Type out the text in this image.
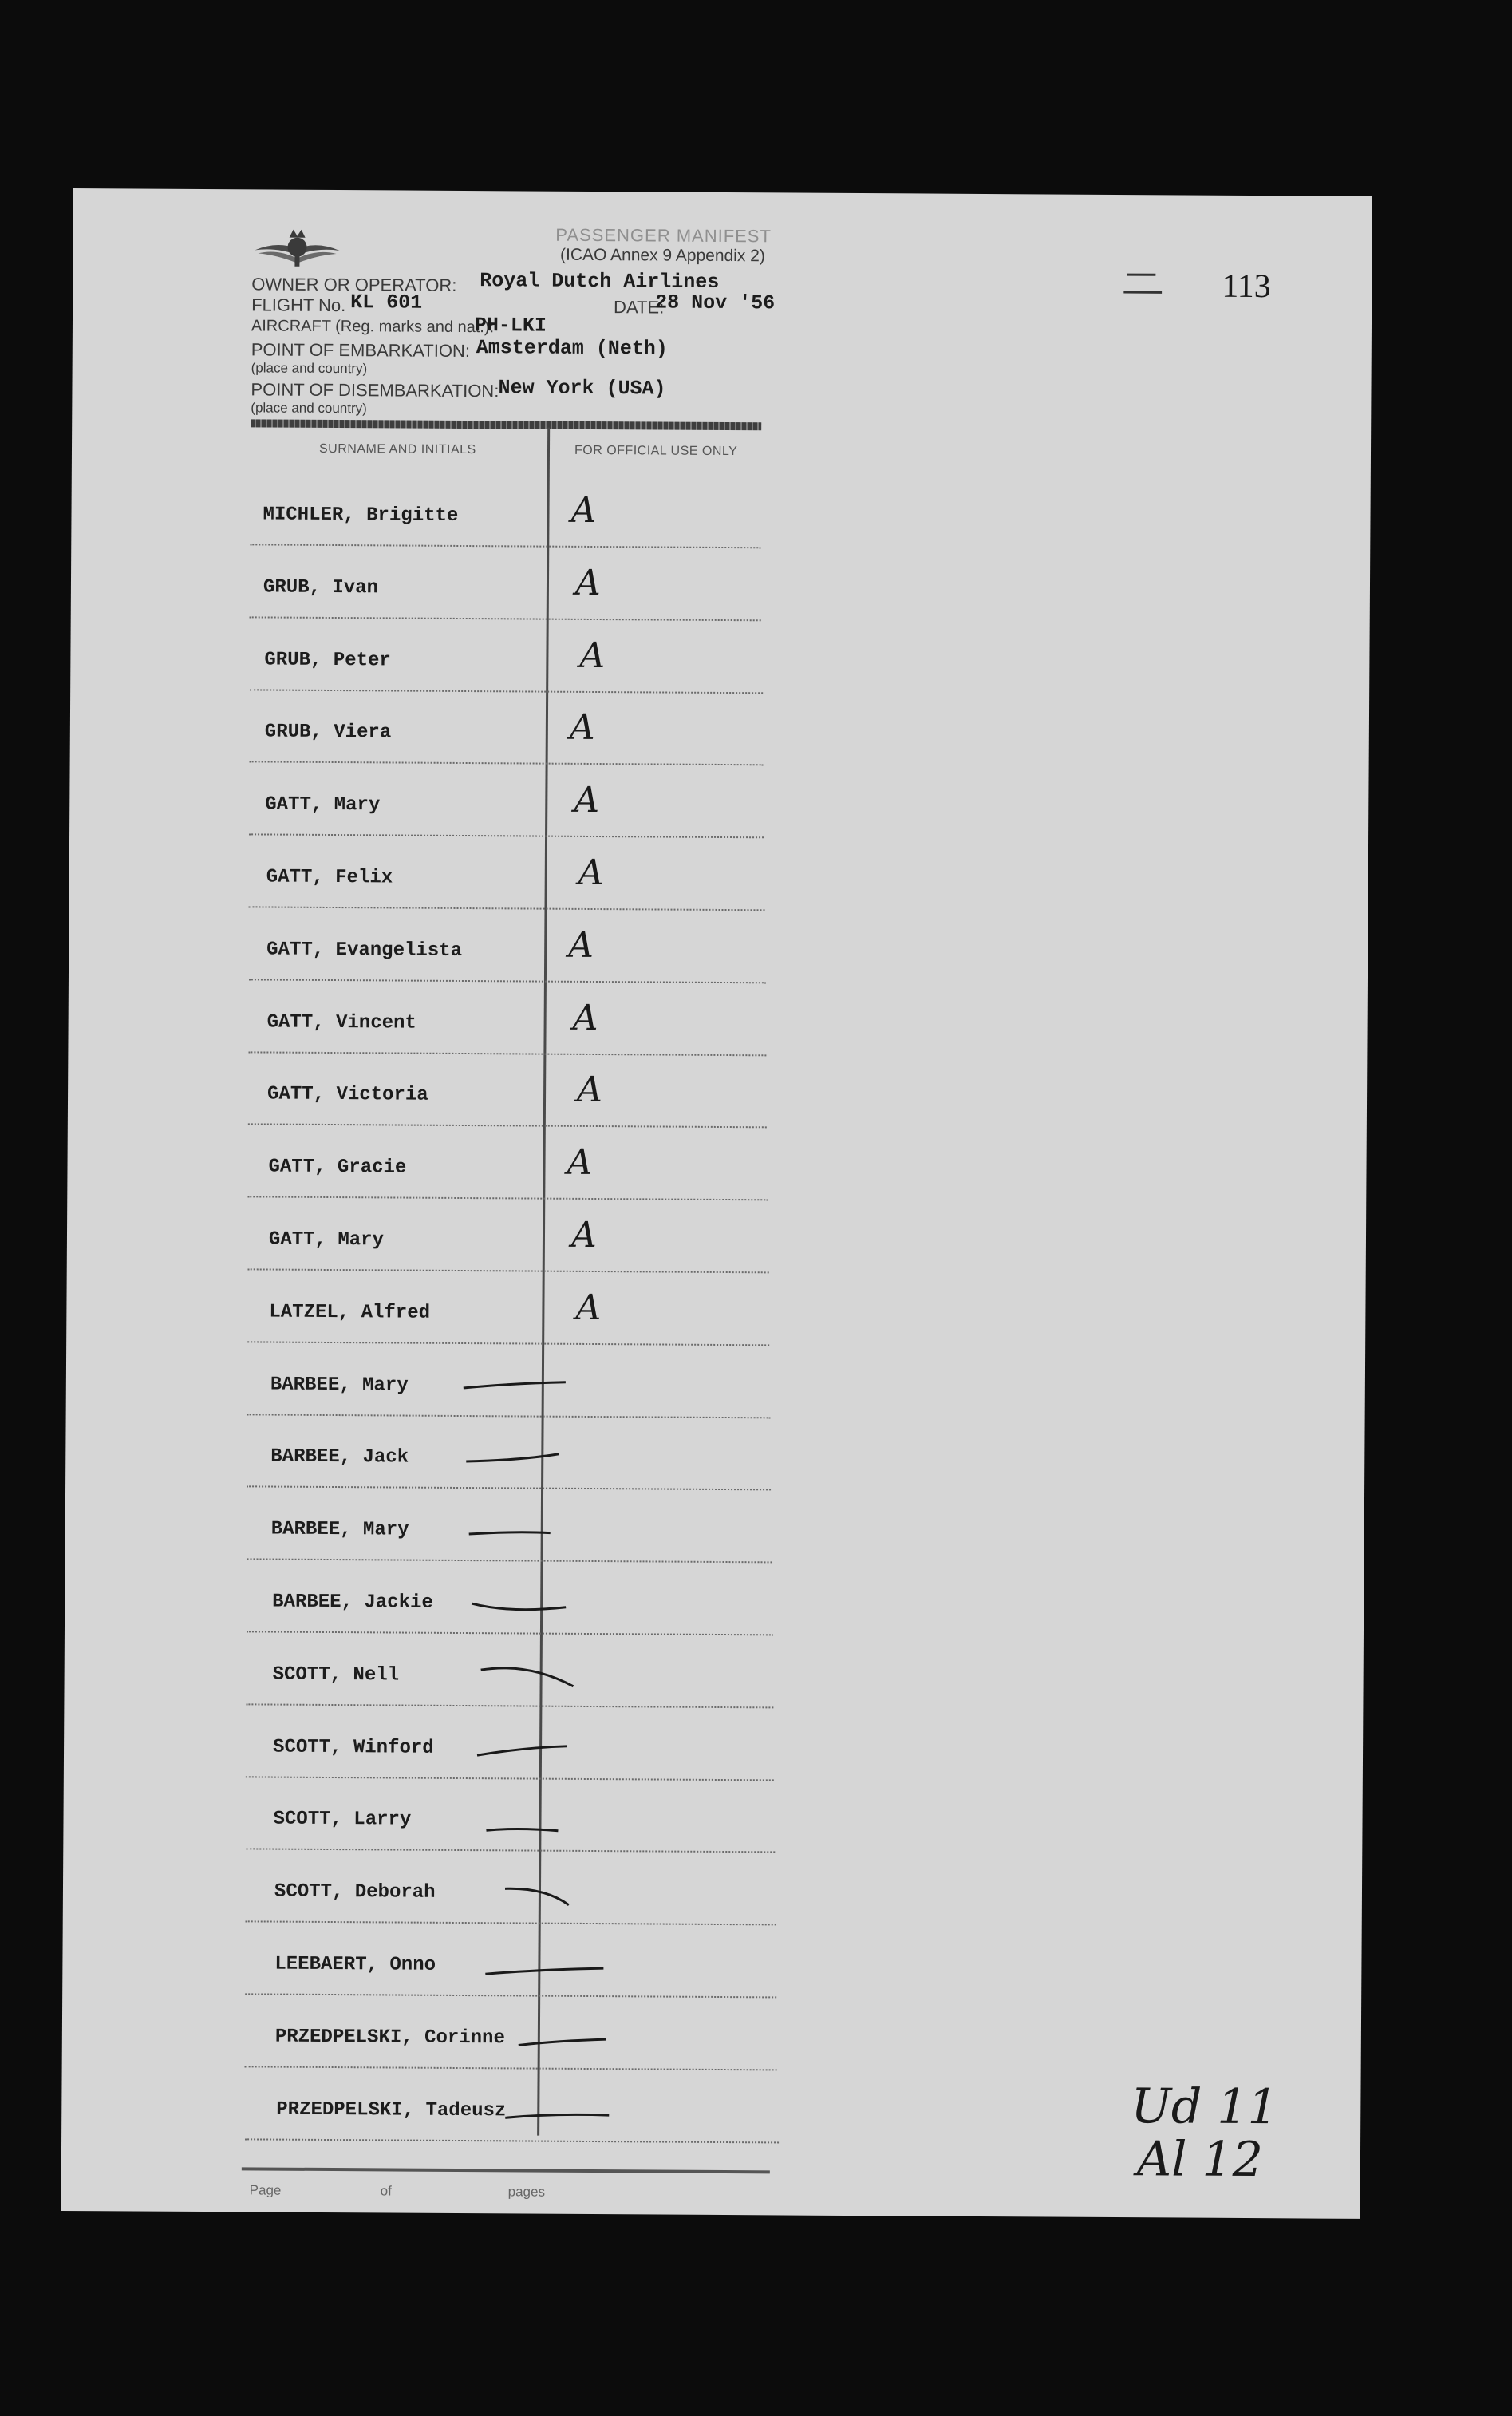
PASSENGER MANIFEST
(ICAO Annex 9 Appendix 2)
OWNER OR OPERATOR: Royal Dutch Airlines
FLIGHT No. KL 601	DATE:
28 Nov '56
AIRCRAFT (Reg. marks and nat.):
PH-LKI
POINT OF EMBARKATION: Amsterdam (Neth)
(place and country)
POINT OF DISEMBARKATION:
New York (USA)
(place and country)
113
SURNAME AND INITIALS	FOR OFFICIAL USE ONLY
MICHLER, Brigitte	A
GRUB, Ivan	A
GRUB, Peter	A
GRUB, Viera	A
GATT, Mary	A
GATT, Felix	A
GATT, Evangelista	A
GATT, Vincent	A
GATT, Victoria	A
GATT, Gracie	A
GATT, Mary	A
LATZEL, Alfred	A
BARBEE, Mary
BARBEE, Jack
BARBEE, Mary
BARBEE, Jackie
SCOTT, Nell
SCOTT, Winford
SCOTT, Larry
SCOTT, Deborah
LEEBAERT, Onno
PRZEDPELSKI, Corinne
PRZEDPELSKI, Tadeusz
Page	of	pages
Ud 11
Al 12
